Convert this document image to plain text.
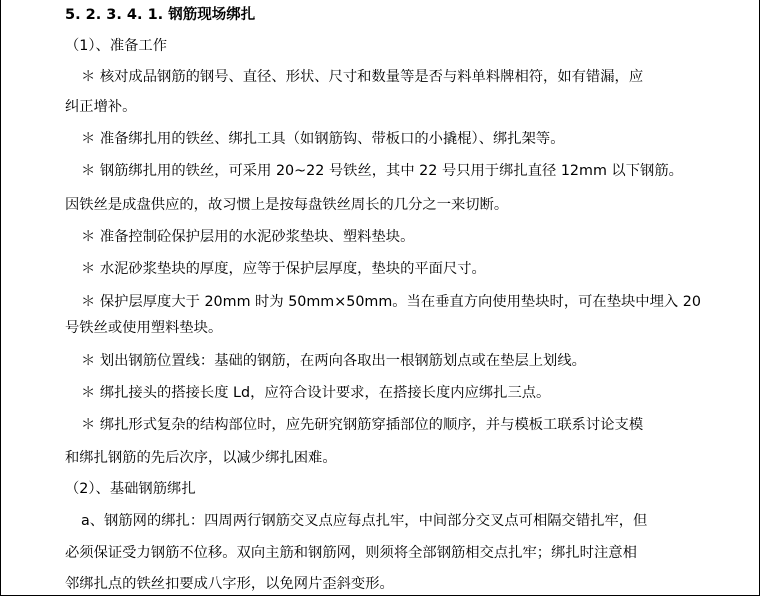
5. 2. 3. 4. 1. 钢筋现场绑扎
（1）、准备工作
＊ 核对成品钢筋的钢号、直径、形状、尺寸和数量等是否与料单料牌相符，如有错漏，应
纠正增补。
＊ 准备绑扎用的铁丝、绑扎工具（如钢筋钩、带板口的小撬棍）、绑扎架等。
＊ 钢筋绑扎用的铁丝，可采用 20~22 号铁丝，其中 22 号只用于绑扎直径 12mm 以下钢筋。
因铁丝是成盘供应的，故习惯上是按每盘铁丝周长的几分之一来切断。
＊ 准备控制砼保护层用的水泥砂浆垫块、塑料垫块。
＊ 水泥砂浆垫块的厚度，应等于保护层厚度，垫块的平面尺寸。
＊ 保护层厚度大于 20mm 时为 50mm×50mm。当在垂直方向使用垫块时，可在垫块中埋入 20
号铁丝或使用塑料垫块。
＊ 划出钢筋位置线：基础的钢筋，在两向各取出一根钢筋划点或在垫层上划线。
＊ 绑扎接头的搭接长度 Ld，应符合设计要求，在搭接长度内应绑扎三点。
＊ 绑扎形式复杂的结构部位时，应先研究钢筋穿插部位的顺序，并与模板工联系讨论支模
和绑扎钢筋的先后次序，以减少绑扎困难。
（2）、基础钢筋绑扎
a、钢筋网的绑扎：四周两行钢筋交叉点应每点扎牢，中间部分交叉点可相隔交错扎牢，但
必须保证受力钢筋不位移。双向主筋和钢筋网，则须将全部钢筋相交点扎牢；绑扎时注意相
邻绑扎点的铁丝扣要成八字形，以免网片歪斜变形。
